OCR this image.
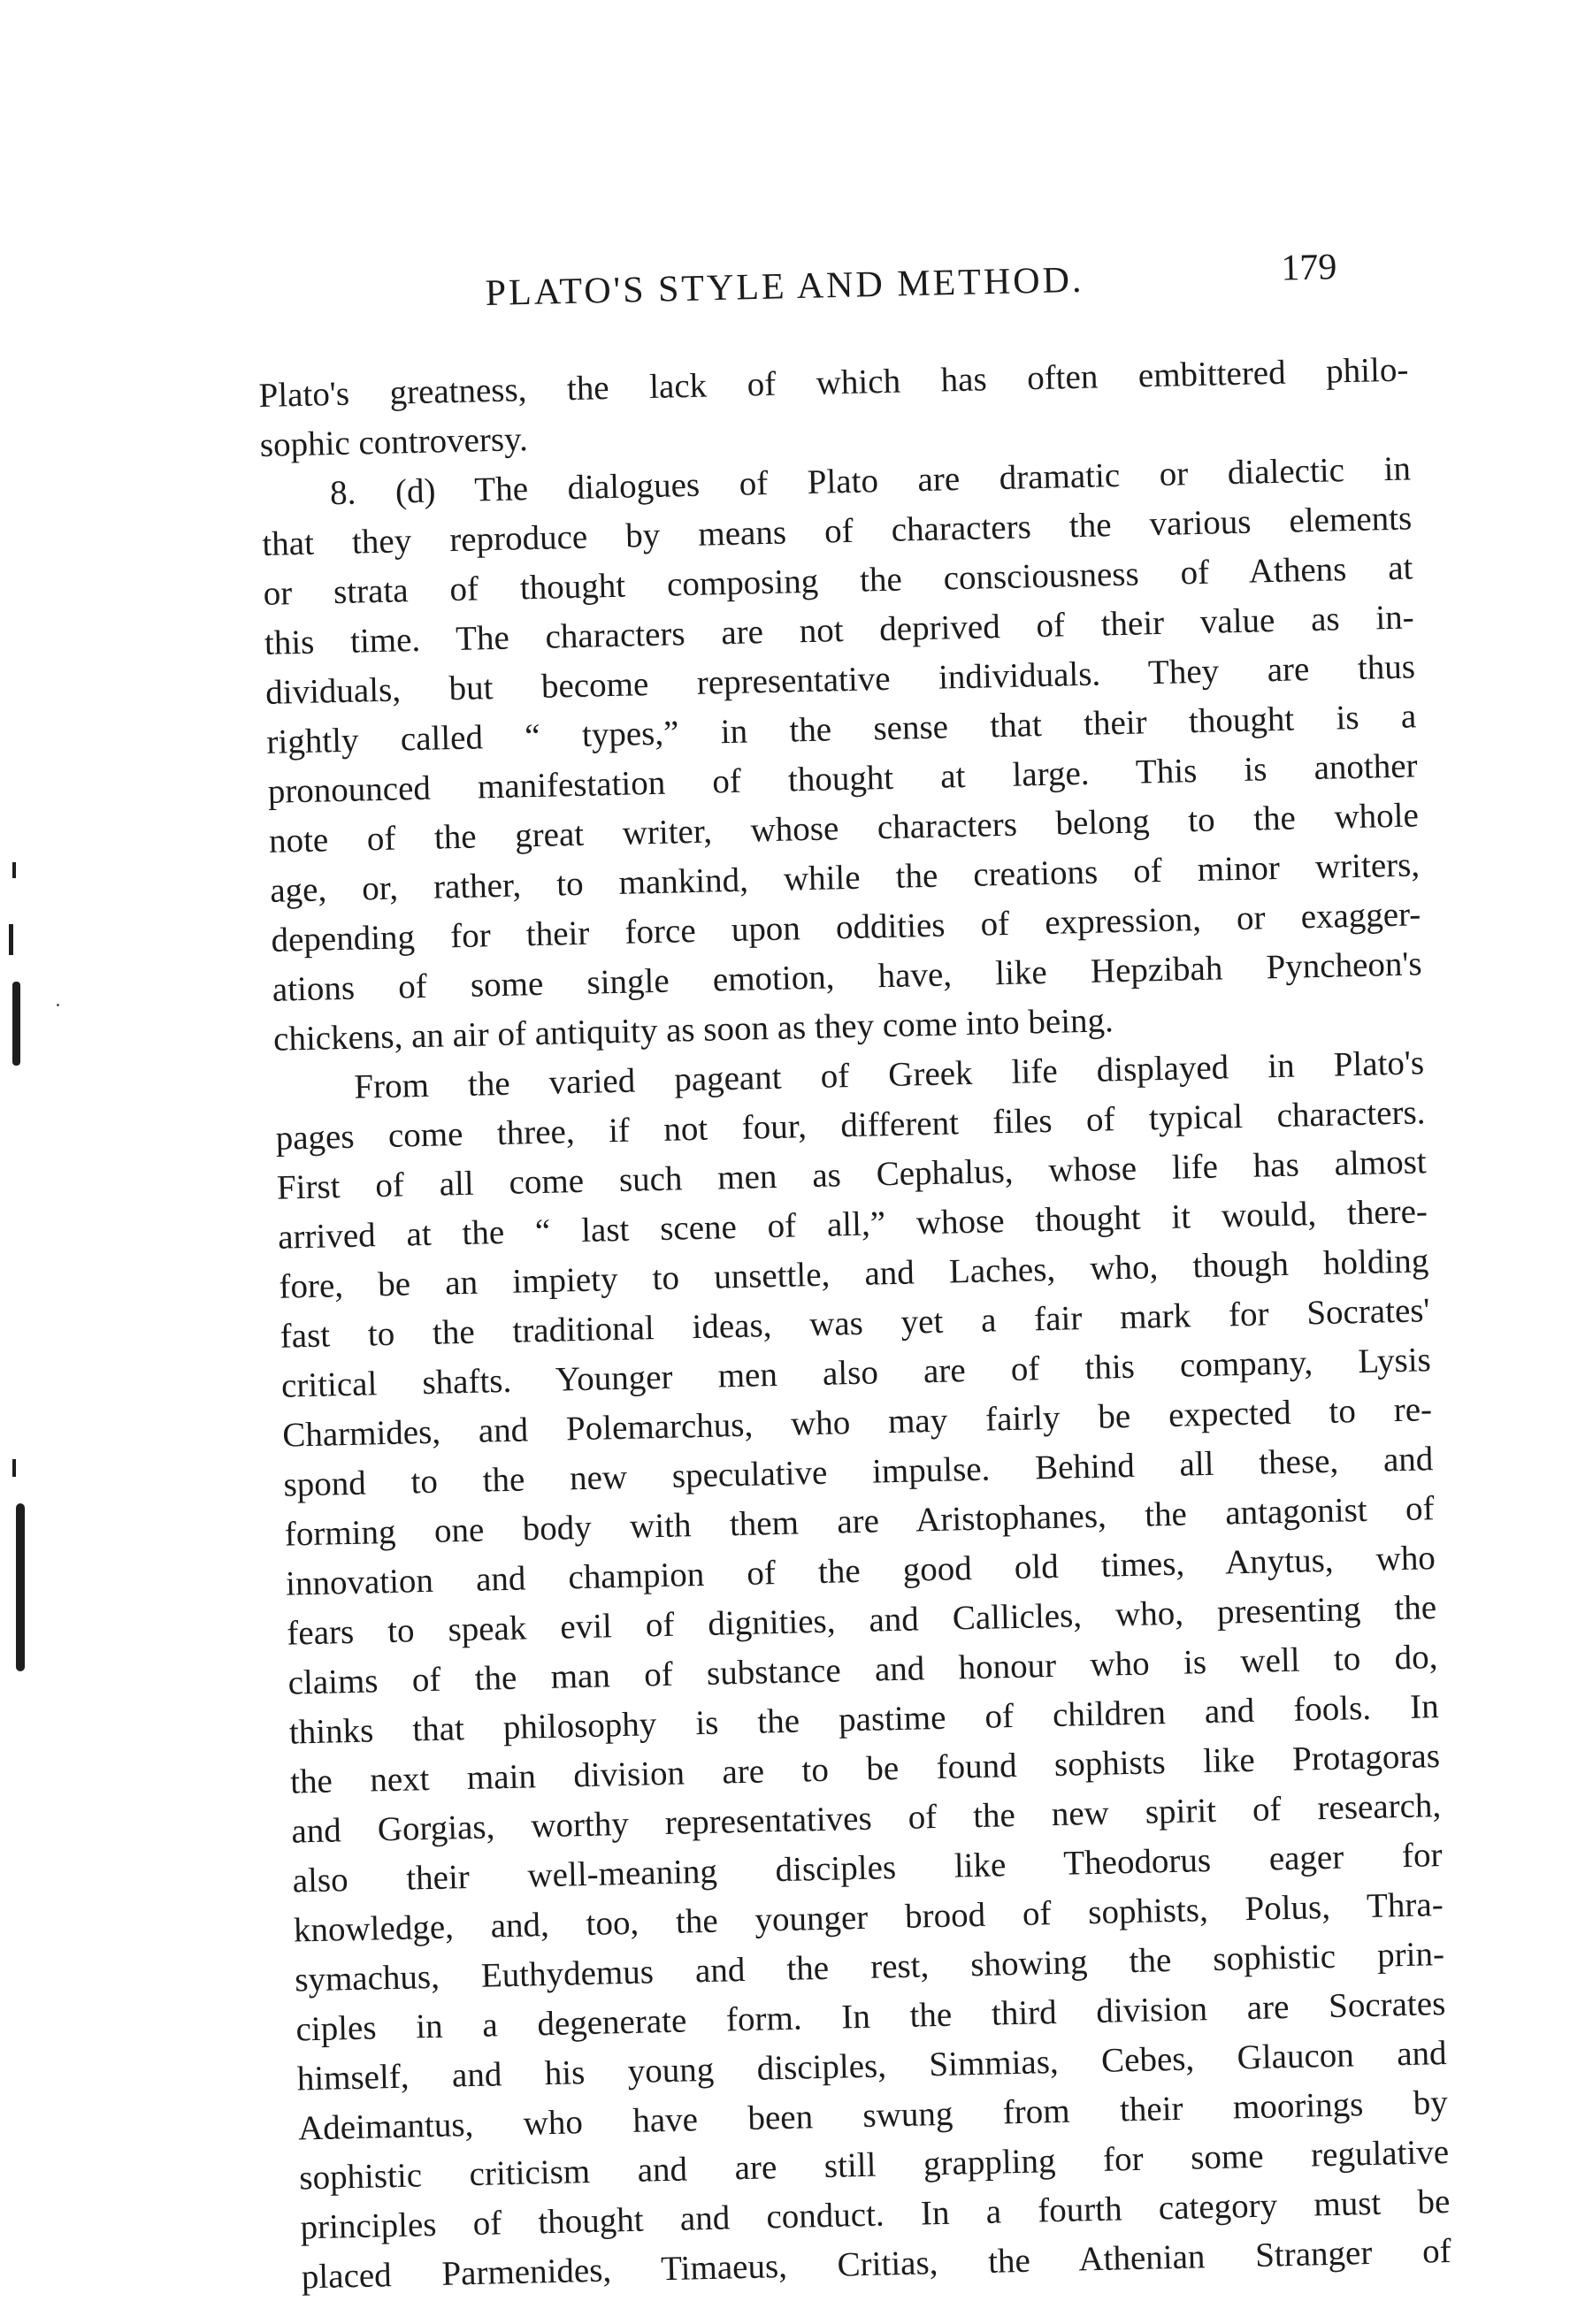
PLATO'S STYLE AND METHOD.	179
Plato's greatness, the lack of which has often embittered philo-
sophic controversy.
8. (d) The dialogues of Plato are dramatic or dialectic in
that they reproduce by means of characters the various elements
or strata of thought composing the consciousness of Athens at
this time. The characters are not deprived of their value as in-
dividuals, but become representative individuals. They are thus
rightly called “ types,” in the sense that their thought is a
pronounced manifestation of thought at large. This is another
note of the great writer, whose characters belong to the whole
age, or, rather, to mankind, while the creations of minor writers,
depending for their force upon oddities of expression, or exagger-
ations of some single emotion, have, like Hepzibah Pyncheon's
chickens, an air of antiquity as soon as they come into being.
From the varied pageant of Greek life displayed in Plato's
pages come three, if not four, different files of typical characters.
First of all come such men as Cephalus, whose life has almost
arrived at the “ last scene of all,” whose thought it would, there-
fore, be an impiety to unsettle, and Laches, who, though holding
fast to the traditional ideas, was yet a fair mark for Socrates'
critical shafts. Younger men also are of this company, Lysis
Charmides, and Polemarchus, who may fairly be expected to re-
spond to the new speculative impulse. Behind all these, and
forming one body with them are Aristophanes, the antagonist of
innovation and champion of the good old times, Anytus, who
fears to speak evil of dignities, and Callicles, who, presenting the
claims of the man of substance and honour who is well to do,
thinks that philosophy is the pastime of children and fools. In
the next main division are to be found sophists like Protagoras
and Gorgias, worthy representatives of the new spirit of research,
also their well-meaning disciples like Theodorus eager for
knowledge, and, too, the younger brood of sophists, Polus, Thra-
symachus, Euthydemus and the rest, showing the sophistic prin-
ciples in a degenerate form. In the third division are Socrates
himself, and his young disciples, Simmias, Cebes, Glaucon and
Adeimantus, who have been swung from their moorings by
sophistic criticism and are still grappling for some regulative
principles of thought and conduct. In a fourth category must be
placed Parmenides, Timaeus, Critias, the Athenian Stranger of
